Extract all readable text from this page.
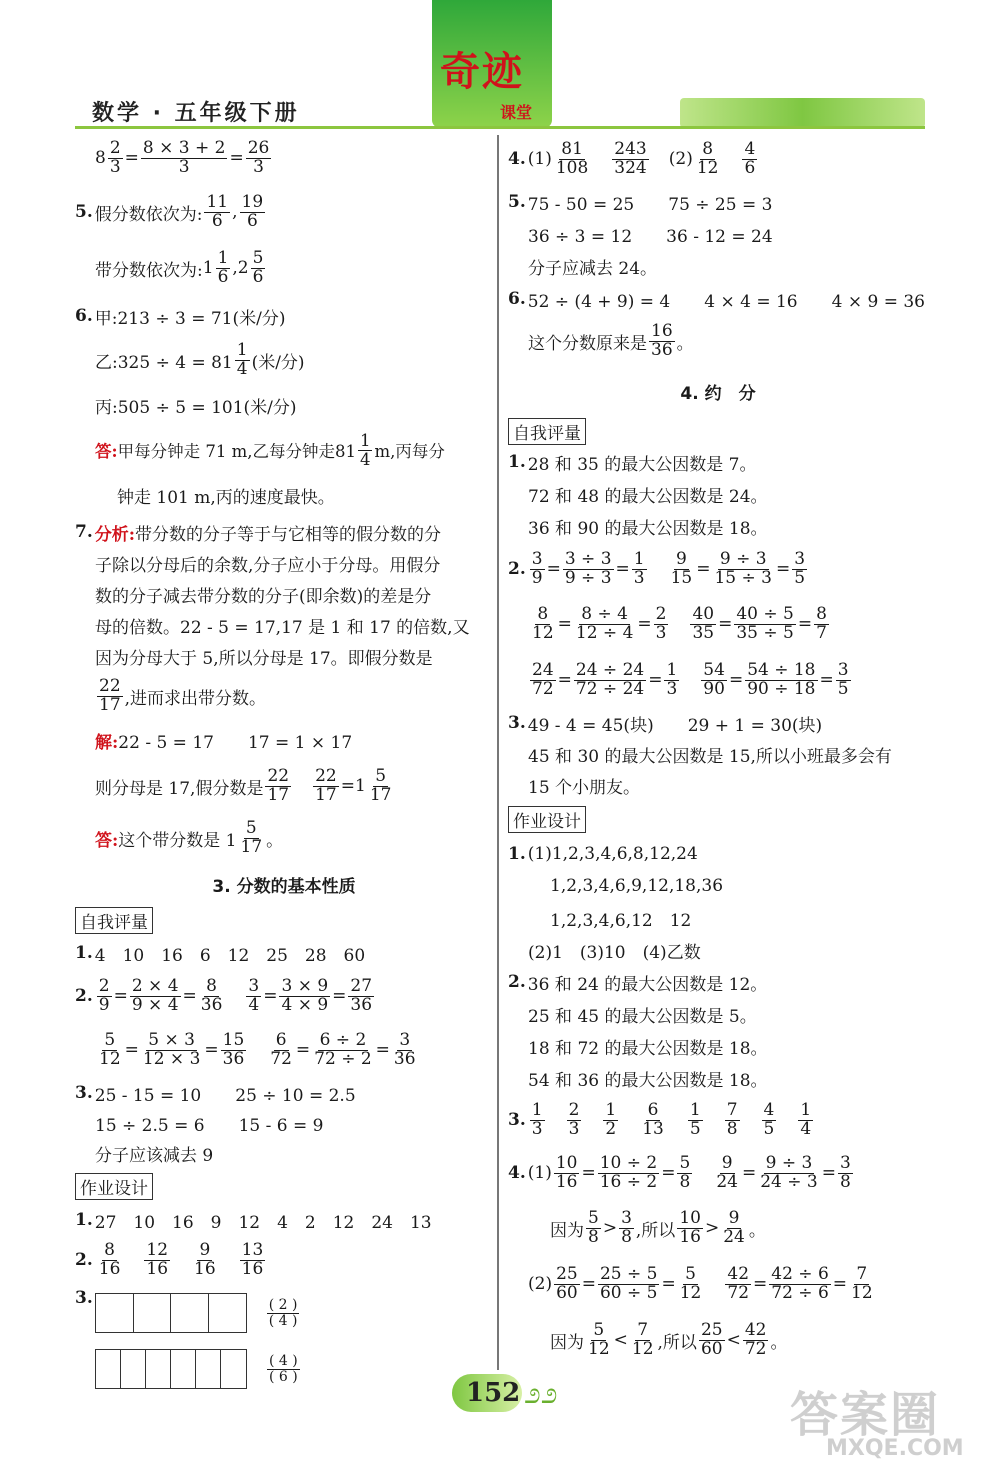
奇迹
课堂
数学 · 五年级下册
$8 \frac{2}{3} = \frac{8 \times 3 + 2}{3} = \frac{26}{3}$
5. 假分数依次为:
11
6 ,
19
6
带分数依次为: 1
1
6 , 2
5
6
6. 甲:213 ÷ 3 = 71(米/分)
乙:325 ÷ 4 = 81
1
4 (米/分)
丙:505 ÷ 5 = 101(米/分)
答: 甲每分钟走 71 m,乙每分钟走81
1
4 m,丙每分
钟走 101 m,丙的速度最快。
7. 分析: 带分数的分子等于与它相等的假分数的分
子除以分母后的余数,分子应小于分母。用假分
数的分子减去带分数的分子(即余数)的差是分
母的倍数。22 - 5 = 17,17 是 1 和 17 的倍数,又
因为分母大于 5,所以分母是 17。即假分数是
22
17 ,进而求出带分数。
解: 22 - 5 = 17　　17 = 1 × 17
则分母是 17,假分数是
22
$17 \frac{22}{17} = 1$
5
17
答: 这个带分数是 1
5
17 。
3. 分数的基本性质
自我评量
1. 4　10　16　6　12　25　28　60
2.
2
9 =
2 × 4
9 × 4 =
8
36
3
4 =
3 × 9
4 × 9 =
27
36
5
12 =
5 × 3
12 × 3 =
15
36
6
72 =
6 ÷ 2
72 ÷ 2 =
3
36
3. 25 - 15 = 10　　25 ÷ 10 = 2.5
15 ÷ 2.5 = 6　　15 - 6 = 9
分子应该减去 9
作业设计
1. 27　10　16　9　12　4　2　12　24　13
2.
8
16
12
16
9
16
13
16
3.	( 2 )
( 4 )
( 4 )
( 6 )
4. (1)
81
108
243
324 (2)
8
12
4
6
5. 75 - 50 = 25　　75 ÷ 25 = 3
36 ÷ 3 = 12　　36 - 12 = 24
分子应减去 24。
6. 52 ÷ (4 + 9) = 4　　4 × 4 = 16　　4 × 9 = 36
这个分数原来是
16
36 。
4. 约　分
自我评量
1. 28 和 35 的最大公因数是 7。
72 和 48 的最大公因数是 24。
36 和 90 的最大公因数是 18。
2.
3
9 =
3 ÷ 3
9 ÷ 3 =
1
3
9
15 =
9 ÷ 3
15 ÷ 3 =
3
5
8
12 =
8 ÷ 4
12 ÷ 4 =
2
3
40
35 =
40 ÷ 5
35 ÷ 5 =
8
7
24
72 =
24 ÷ 24
72 ÷ 24 =
1
3
54
90 =
54 ÷ 18
90 ÷ 18 =
3
5
3. 49 - 4 = 45(块)　　29 + 1 = 30(块)
45 和 30 的最大公因数是 15,所以小班最多会有
15 个小朋友。
作业设计
1. (1)1,2,3,4,6,8,12,24
1,2,3,4,6,9,12,18,36
1,2,3,4,6,12　12
(2)1　(3)10　(4)乙数
2. 36 和 24 的最大公因数是 12。
25 和 45 的最大公因数是 5。
18 和 72 的最大公因数是 18。
54 和 36 的最大公因数是 18。
3.
1
3
2
3
1
2
6
13
1
5
7
8
4
5
1
4
4. (1)
10
16 =
10 ÷ 2
16 ÷ 2 =
5
8
9
24 =
9 ÷ 3
24 ÷ 3 =
3
8
因为
5
8 >
3
8 ,所以
10
16 >
9
24 。
(2)
25
60 =
25 ÷ 5
60 ÷ 5 =
5
12
42
72 =
42 ÷ 6
72 ÷ 6 =
7
12
因为
5
12 <
7
12 ,所以
25
60 <
42
72 。
152 ೨೨	答案圈
MXQE.COM
